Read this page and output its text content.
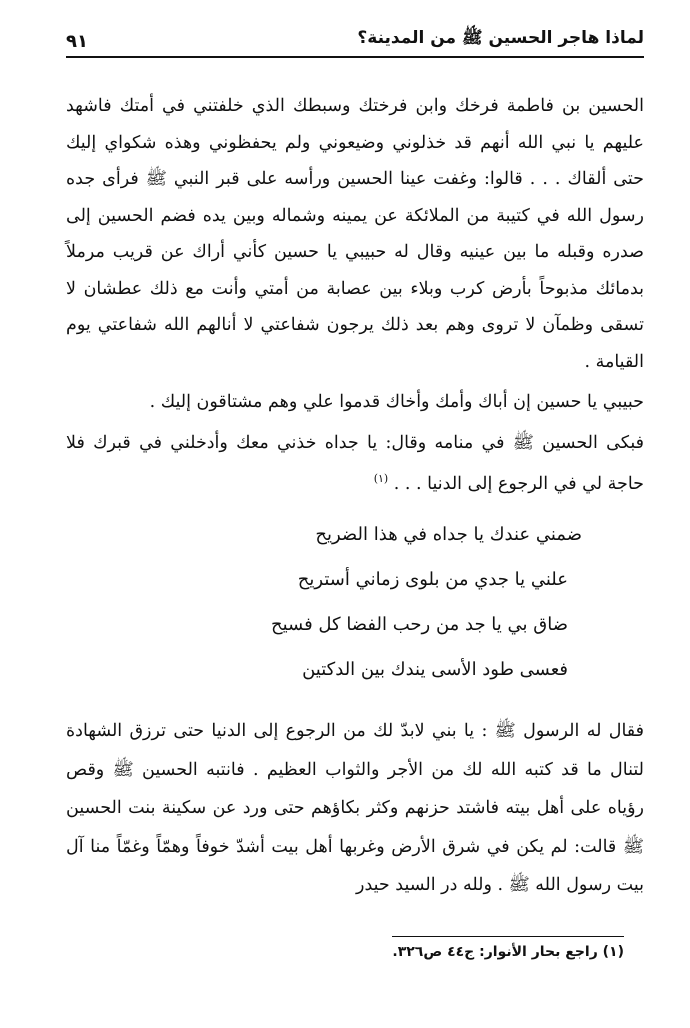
لماذا هاجر الحسين ﷺ من المدينة؟
٩١

الحسين بن فاطمة فرخك وابن فرختك وسبطك الذي خلفتني في أمتك فاشهد عليهم يا نبي الله أنهم قد خذلوني وضيعوني ولم يحفظوني وهذه شكواي إليك حتى ألقاك . . . قالوا: وغفت عينا الحسين ورأسه على قبر النبي ﷺ فرأى جده رسول الله في كتيبة من الملائكة عن يمينه وشماله وبين يده فضم الحسين إلى صدره وقبله ما بين عينيه وقال له حبيبي يا حسين كأني أراك عن قريب مرملاً بدمائك مذبوحاً بأرض كرب وبلاء بين عصابة من أمتي وأنت مع ذلك عطشان لا تسقى وظمآن لا تروى وهم بعد ذلك يرجون شفاعتي لا أنالهم الله شفاعتي يوم القيامة .

حبيبي يا حسين إن أباك وأمك وأخاك قدموا علي وهم مشتاقون إليك .

فبكى الحسين ﷺ في منامه وقال: يا جداه خذني معك وأدخلني في قبرك فلا حاجة لي في الرجوع إلى الدنيا . . . $^{(١)}$

ضمني عندك يا جداه في هذا الضريح
علني يا جدي من بلوى زماني أستريح
ضاق بي يا جد من رحب الفضا كل فسيح
فعسى طود الأسى يندك بين الدكتين

فقال له الرسول ﷺ : يا بني لابدّ لك من الرجوع إلى الدنيا حتى ترزق الشهادة لتنال ما قد كتبه الله لك من الأجر والثواب العظيم . فانتبه الحسين ﷺ وقص رؤياه على أهل بيته فاشتد حزنهم وكثر بكاؤهم حتى ورد عن سكينة بنت الحسين ﷺ قالت: لم يكن في شرق الأرض وغربها أهل بيت أشدّ خوفاً وهمّاً وغمّاً منا آل بيت رسول الله ﷺ . ولله در السيد حيدر

(١) راجع بحار الأنوار: ج٤٤ ص٣٢٦.
